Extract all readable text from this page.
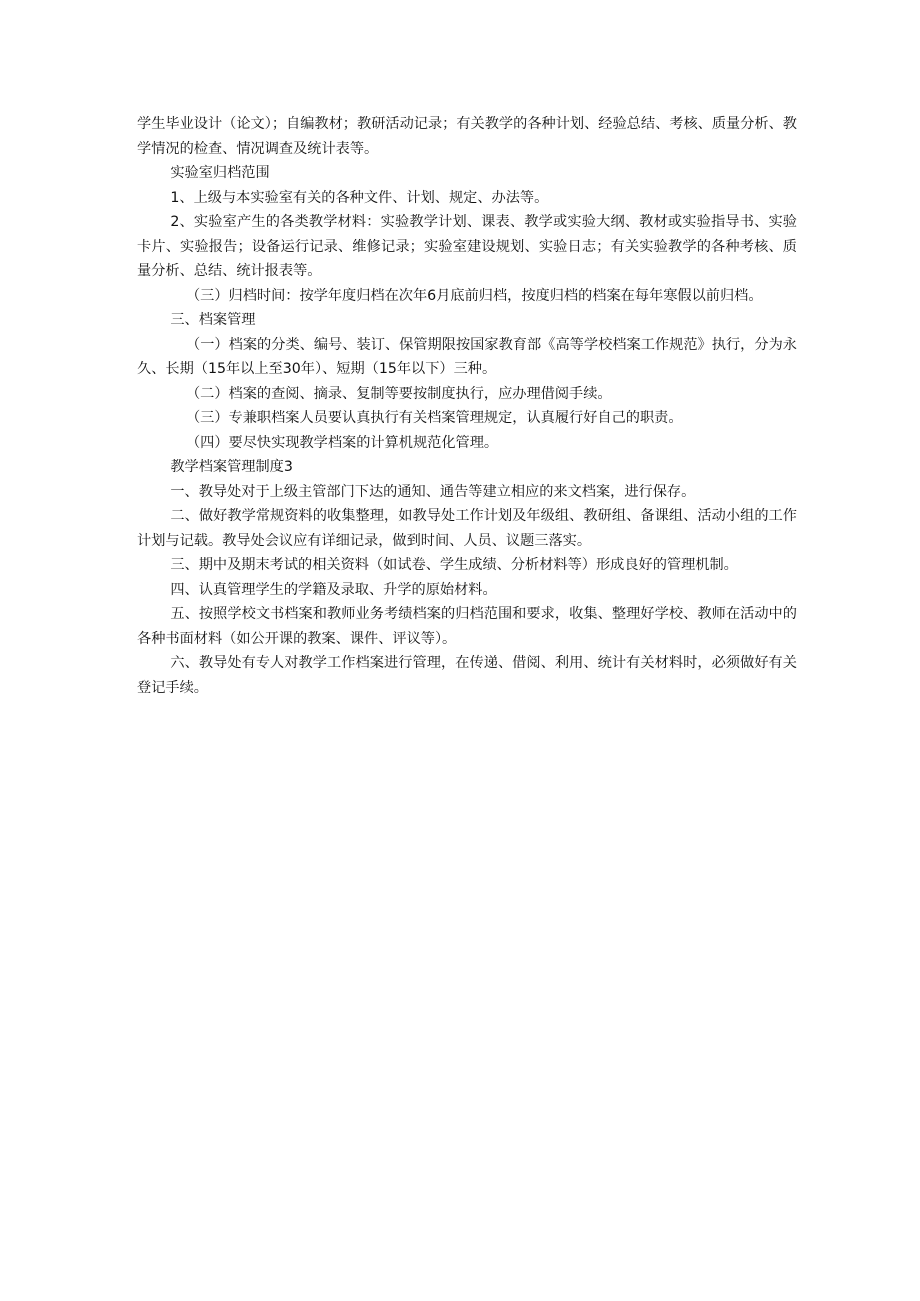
学生毕业设计（论文）；自编教材；教研活动记录；有关教学的各种计划、经验总结、考核、质量分析、教学情况的检查、情况调查及统计表等。

实验室归档范围

1、上级与本实验室有关的各种文件、计划、规定、办法等。

2、实验室产生的各类教学材料：实验教学计划、课表、教学或实验大纲、教材或实验指导书、实验卡片、实验报告；设备运行记录、维修记录；实验室建设规划、实验日志；有关实验教学的各种考核、质量分析、总结、统计报表等。

（三）归档时间：按学年度归档在次年6月底前归档，按度归档的档案在每年寒假以前归档。

三、档案管理

（一）档案的分类、编号、装订、保管期限按国家教育部《高等学校档案工作规范》执行，分为永久、长期（15年以上至30年）、短期（15年以下）三种。

（二）档案的查阅、摘录、复制等要按制度执行，应办理借阅手续。

（三）专兼职档案人员要认真执行有关档案管理规定，认真履行好自己的职责。

（四）要尽快实现教学档案的计算机规范化管理。

教学档案管理制度3

一、教导处对于上级主管部门下达的通知、通告等建立相应的来文档案，进行保存。

二、做好教学常规资料的收集整理，如教导处工作计划及年级组、教研组、备课组、活动小组的工作计划与记载。教导处会议应有详细记录，做到时间、人员、议题三落实。

三、期中及期末考试的相关资料（如试卷、学生成绩、分析材料等）形成良好的管理机制。

四、认真管理学生的学籍及录取、升学的原始材料。

五、按照学校文书档案和教师业务考绩档案的归档范围和要求，收集、整理好学校、教师在活动中的各种书面材料（如公开课的教案、课件、评议等）。

六、教导处有专人对教学工作档案进行管理，在传递、借阅、利用、统计有关材料时，必须做好有关登记手续。
